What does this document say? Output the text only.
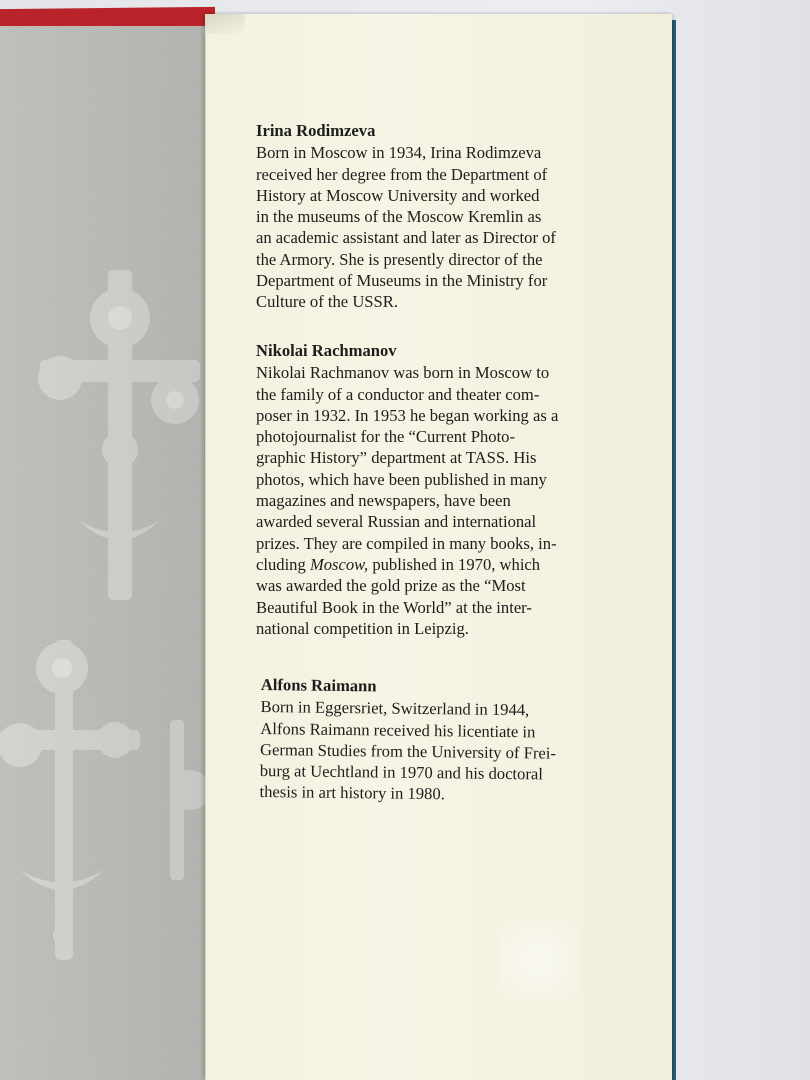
Irina Rodimzeva
Born in Moscow in 1934, Irina Rodimzeva
received her degree from the Department of
History at Moscow University and worked
in the museums of the Moscow Kremlin as
an academic assistant and later as Director of
the Armory. She is presently director of the
Department of Museums in the Ministry for
Culture of the USSR.
Nikolai Rachmanov
Nikolai Rachmanov was born in Moscow to
the family of a conductor and theater com-
poser in 1932. In 1953 he began working as a
photojournalist for the “Current Photo-
graphic History” department at TASS. His
photos, which have been published in many
magazines and newspapers, have been
awarded several Russian and international
prizes. They are compiled in many books, in-
cluding Moscow, published in 1970, which
was awarded the gold prize as the “Most
Beautiful Book in the World” at the inter-
national competition in Leipzig.
Alfons Raimann
Born in Eggersriet, Switzerland in 1944,
Alfons Raimann received his licentiate in
German Studies from the University of Frei-
burg at Uechtland in 1970 and his doctoral
thesis in art history in 1980.
